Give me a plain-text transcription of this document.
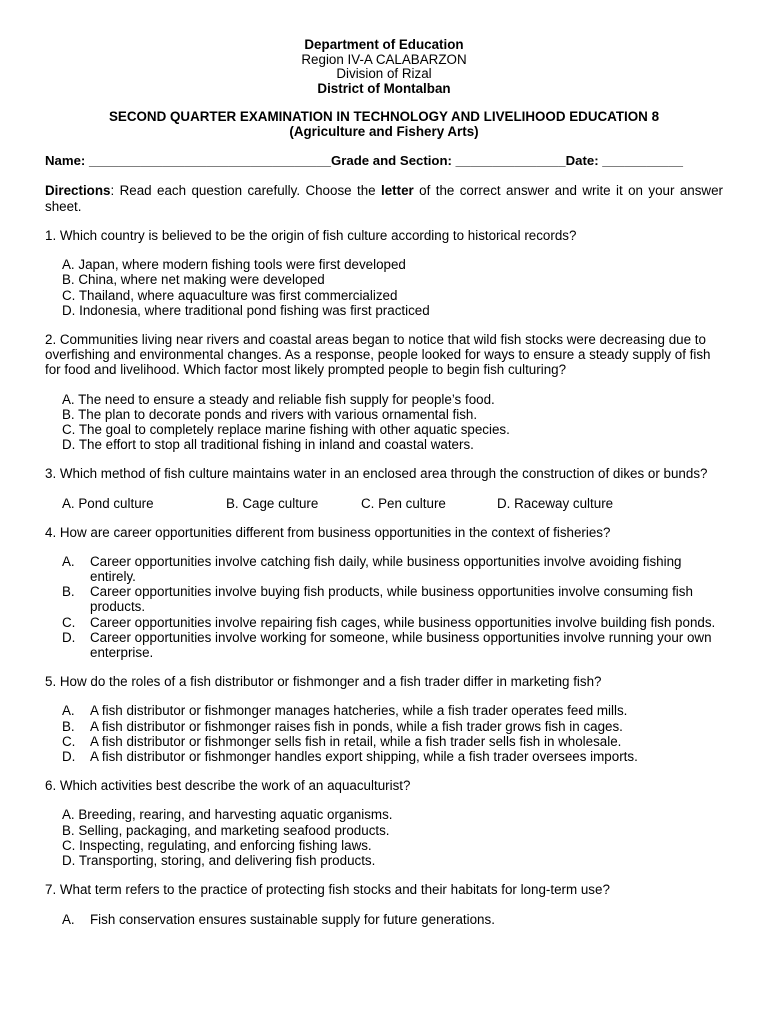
Department of Education
Region IV-A CALABARZON
Division of Rizal
District of Montalban
SECOND QUARTER EXAMINATION IN TECHNOLOGY AND LIVELIHOOD EDUCATION 8
(Agriculture and Fishery Arts)
Name: _________________________________Grade and Section: _______________Date: ___________
Directions: Read each question carefully. Choose the letter of the correct answer and write it on your answer sheet.
1. Which country is believed to be the origin of fish culture according to historical records?
A. Japan, where modern fishing tools were first developed
B. China, where net making were developed
C. Thailand, where aquaculture was first commercialized
D. Indonesia, where traditional pond fishing was first practiced
2. Communities living near rivers and coastal areas began to notice that wild fish stocks were decreasing due to overfishing and environmental changes. As a response, people looked for ways to ensure a steady supply of fish for food and livelihood. Which factor most likely prompted people to begin fish culturing?
A. The need to ensure a steady and reliable fish supply for people’s food.
B. The plan to decorate ponds and rivers with various ornamental fish.
C. The goal to completely replace marine fishing with other aquatic species.
D. The effort to stop all traditional fishing in inland and coastal waters.
3. Which method of fish culture maintains water in an enclosed area through the construction of dikes or bunds?
A. Pond culture	B. Cage culture	C. Pen culture	D. Raceway culture
4. How are career opportunities different from business opportunities in the context of fisheries?
A.	Career opportunities involve catching fish daily, while business opportunities involve avoiding fishing entirely.
B.	Career opportunities involve buying fish products, while business opportunities involve consuming fish products.
C.	Career opportunities involve repairing fish cages, while business opportunities involve building fish ponds.
D.	Career opportunities involve working for someone, while business opportunities involve running your own enterprise.
5. How do the roles of a fish distributor or fishmonger and a fish trader differ in marketing fish?
A.	A fish distributor or fishmonger manages hatcheries, while a fish trader operates feed mills.
B.	A fish distributor or fishmonger raises fish in ponds, while a fish trader grows fish in cages.
C.	A fish distributor or fishmonger sells fish in retail, while a fish trader sells fish in wholesale.
D.	A fish distributor or fishmonger handles export shipping, while a fish trader oversees imports.
6. Which activities best describe the work of an aquaculturist?
A. Breeding, rearing, and harvesting aquatic organisms.
B. Selling, packaging, and marketing seafood products.
C. Inspecting, regulating, and enforcing fishing laws.
D. Transporting, storing, and delivering fish products.
7. What term refers to the practice of protecting fish stocks and their habitats for long-term use?
A.	Fish conservation ensures sustainable supply for future generations.
